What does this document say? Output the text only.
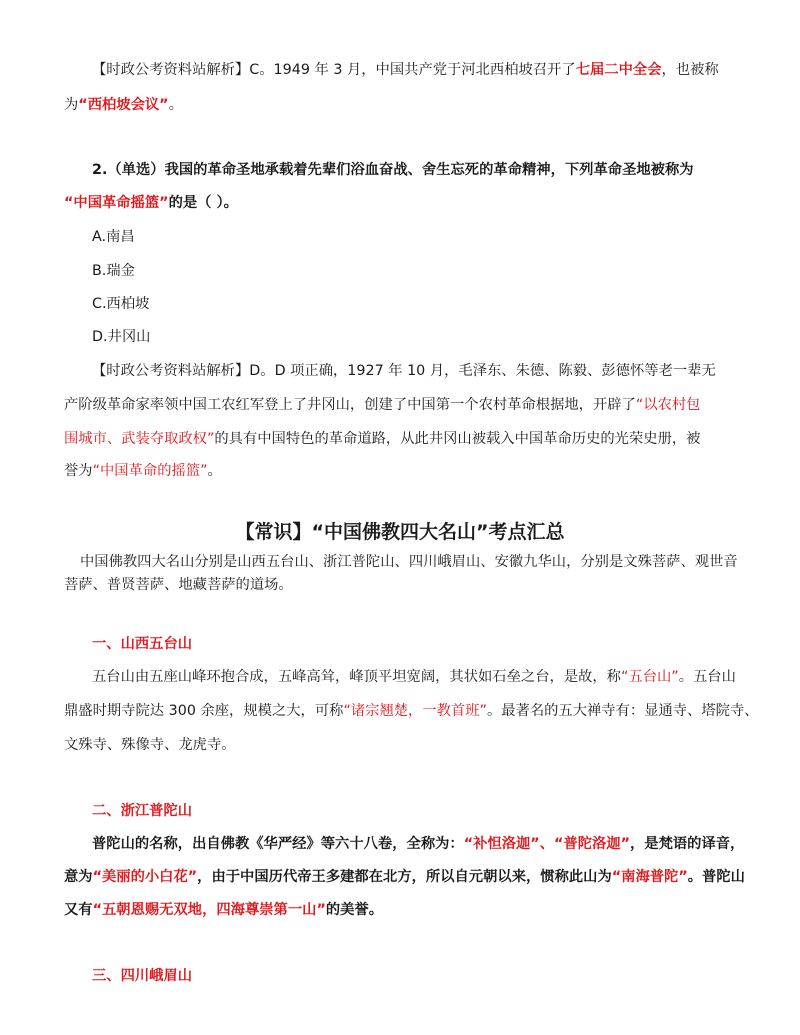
【时政公考资料站解析】C。1949 年 3 月，中国共产党于河北西柏坡召开了七届二中全会，也被称
为“西柏坡会议”。
2.（单选）我国的革命圣地承载着先辈们浴血奋战、舍生忘死的革命精神，下列革命圣地被称为
“中国革命摇篮”的是（ ）。
A.南昌
B.瑞金
C.西柏坡
D.井冈山
【时政公考资料站解析】D。D 项正确，1927 年 10 月，毛泽东、朱德、陈毅、彭德怀等老一辈无
产阶级革命家率领中国工农红军登上了井冈山，创建了中国第一个农村革命根据地，开辟了“以农村包
围城市、武装夺取政权”的具有中国特色的革命道路，从此井冈山被载入中国革命历史的光荣史册，被
誉为“中国革命的摇篮”。
【常识】“中国佛教四大名山”考点汇总
中国佛教四大名山分别是山西五台山、浙江普陀山、四川峨眉山、安徽九华山，分别是文殊菩萨、观世音
菩萨、普贤菩萨、地藏菩萨的道场。
一、山西五台山
五台山由五座山峰环抱合成，五峰高耸，峰顶平坦宽阔，其状如石垒之台，是故，称“五台山”。五台山
鼎盛时期寺院达 300 余座，规模之大，可称“诸宗翘楚，一教首班”。最著名的五大禅寺有：显通寺、塔院寺、
文殊寺、殊像寺、龙虎寺。
二、浙江普陀山
普陀山的名称，出自佛教《华严经》等六十八卷，全称为：“补怛洛迦”、“普陀洛迦”，是梵语的译音，
意为“美丽的小白花”，由于中国历代帝王多建都在北方，所以自元朝以来，惯称此山为“南海普陀”。普陀山
又有“五朝恩赐无双地，四海尊崇第一山”的美誉。
三、四川峨眉山
